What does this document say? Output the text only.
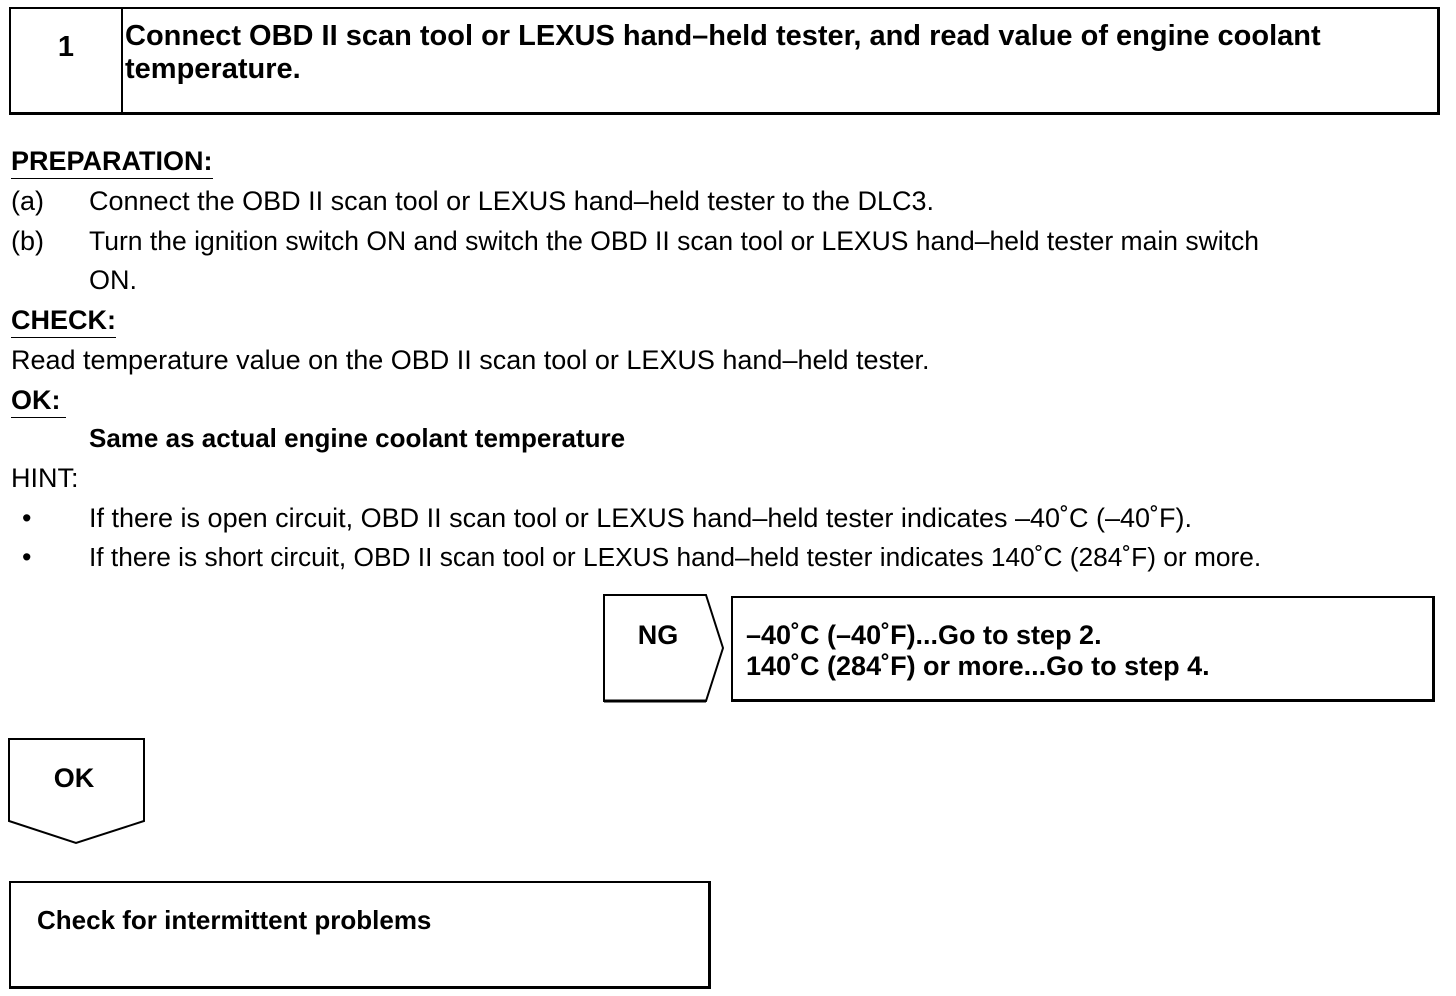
1	Connect OBD II scan tool or LEXUS hand–held tester, and read value of engine coolant temperature.
PREPARATION:
(a) Connect the OBD II scan tool or LEXUS hand–held tester to the DLC3.
(b) Turn the ignition switch ON and switch the OBD II scan tool or LEXUS hand–held tester main switch
ON.
CHECK:
Read temperature value on the OBD II scan tool or LEXUS hand–held tester.
OK:
Same as actual engine coolant temperature
HINT:
• If there is open circuit, OBD II scan tool or LEXUS hand–held tester indicates –40˚C (–40˚F).
• If there is short circuit, OBD II scan tool or LEXUS hand–held tester indicates 140˚C (284˚F) or more.
NG	–40˚C (–40˚F)...Go to step 2.
140˚C (284˚F) or more...Go to step 4.
OK
Check for intermittent problems
